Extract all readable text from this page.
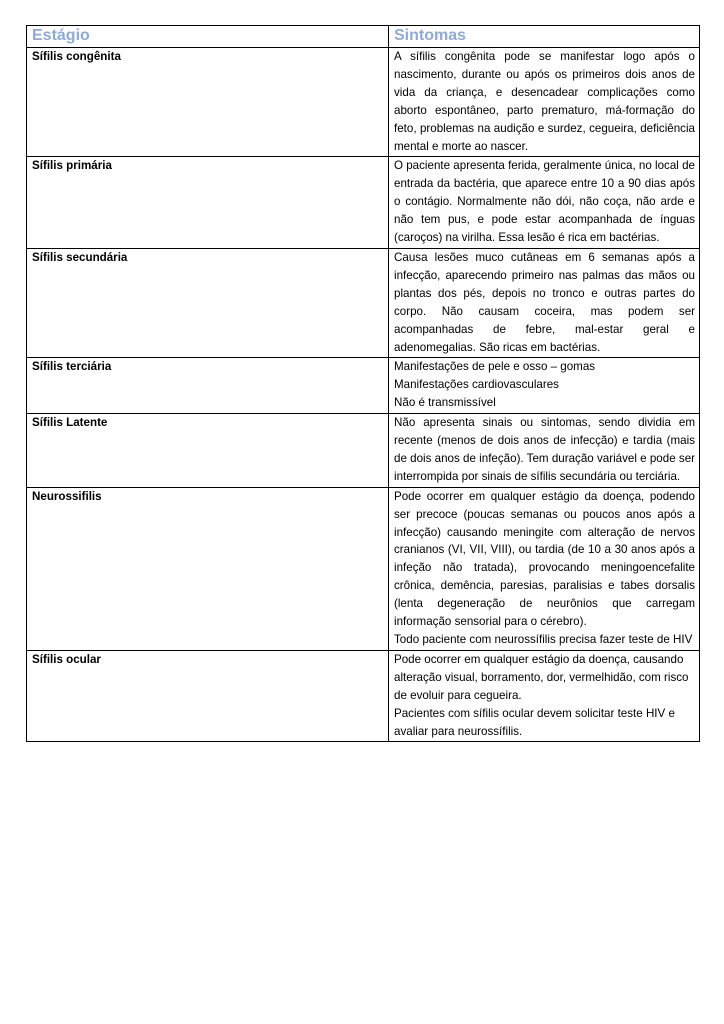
Estágio	Sintomas
Sífilis congênita	A sífilis congênita pode se manifestar logo após o nascimento, durante ou após os primeiros dois anos de vida da criança, e desencadear complicações como aborto espontâneo, parto prematuro, má-formação do feto, problemas na audição e surdez, cegueira, deficiência mental e morte ao nascer.

Sífilis primária	O paciente apresenta ferida, geralmente única, no local de entrada da bactéria, que aparece entre 10 a 90 dias após o contágio. Normalmente não dói, não coça, não arde e não tem pus, e pode estar acompanhada de ínguas (caroços) na virilha. Essa lesão é rica em bactérias.

Sífilis secundária	Causa lesões muco cutâneas em 6 semanas após a infecção, aparecendo primeiro nas palmas das mãos ou plantas dos pés, depois no tronco e outras partes do corpo. Não causam coceira, mas podem ser acompanhadas de febre, mal-estar geral e adenomegalias. São ricas em bactérias.

Sífilis terciária	Manifestações de pele e osso – gomas
Manifestações cardiovasculares
Não é transmissível

Sífilis Latente	Não apresenta sinais ou sintomas, sendo dividia em recente (menos de dois anos de infecção) e tardia (mais de dois anos de infeção). Tem duração variável e pode ser interrompida por sinais de sífilis secundária ou terciária.

Neurossifilis	Pode ocorrer em qualquer estágio da doença, podendo ser precoce (poucas semanas ou poucos anos após a infecção) causando meningite com alteração de nervos cranianos (VI, VII, VIII), ou tardia (de 10 a 30 anos após a infeção não tratada), provocando meningoencefalite crônica, demência, paresias, paralisias e tabes dorsalis (lenta degeneração de neurônios que carregam informação sensorial para o cérebro).
Todo paciente com neurossífilis precisa fazer teste de HIV

Sífilis ocular	Pode ocorrer em qualquer estágio da doença, causando alteração visual, borramento, dor, vermelhidão, com risco de evoluir para cegueira.
Pacientes com sífilis ocular devem solicitar teste HIV e avaliar para neurossífilis.
